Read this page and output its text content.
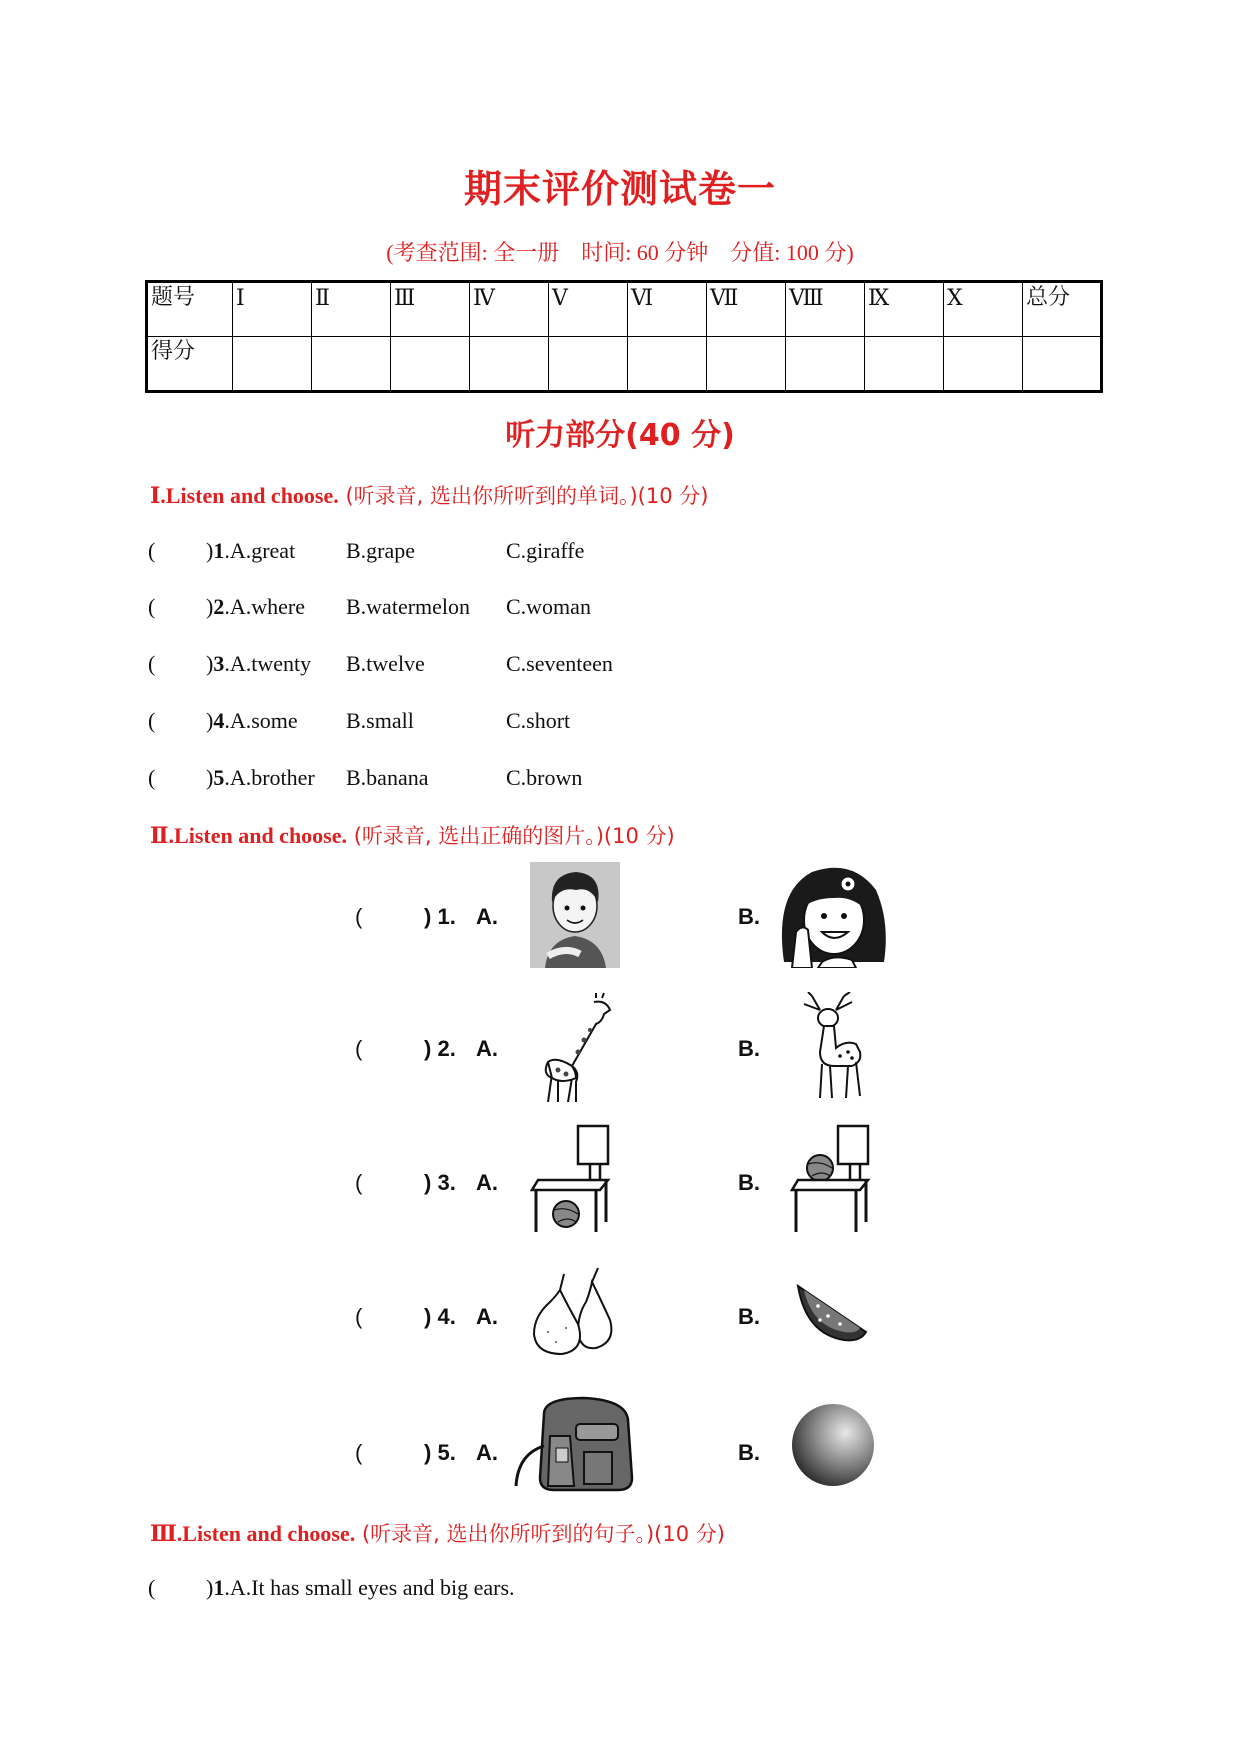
期末评价测试卷一
(考查范围: 全一册　时间: 60 分钟　分值: 100 分)
题号	Ⅰ	Ⅱ	Ⅲ	Ⅳ	Ⅴ	Ⅵ	Ⅶ	Ⅷ	Ⅸ	Ⅹ	总分
得分											
听力部分(40 分)
Ⅰ.Listen and choose. (听录音, 选出你所听到的单词。)(10 分)
( )1.A.great B.grape	C.giraffe
( )2.A.where B.watermelon C.woman
( )3.A.twenty B.twelve	C.seventeen
( )4.A.some B.small	C.short
( )5.A.brother B.banana	C.brown
Ⅱ.Listen and choose. (听录音, 选出正确的图片。)(10 分)
(	) 1. A.	B.
(	) 2. A.	B.
(	) 3. A.	B.
(	) 4. A.	B.
(	) 5. A.	B.
Ⅲ.Listen and choose. (听录音, 选出你所听到的句子。)(10 分)
( )1.A.It has small eyes and big ears.
